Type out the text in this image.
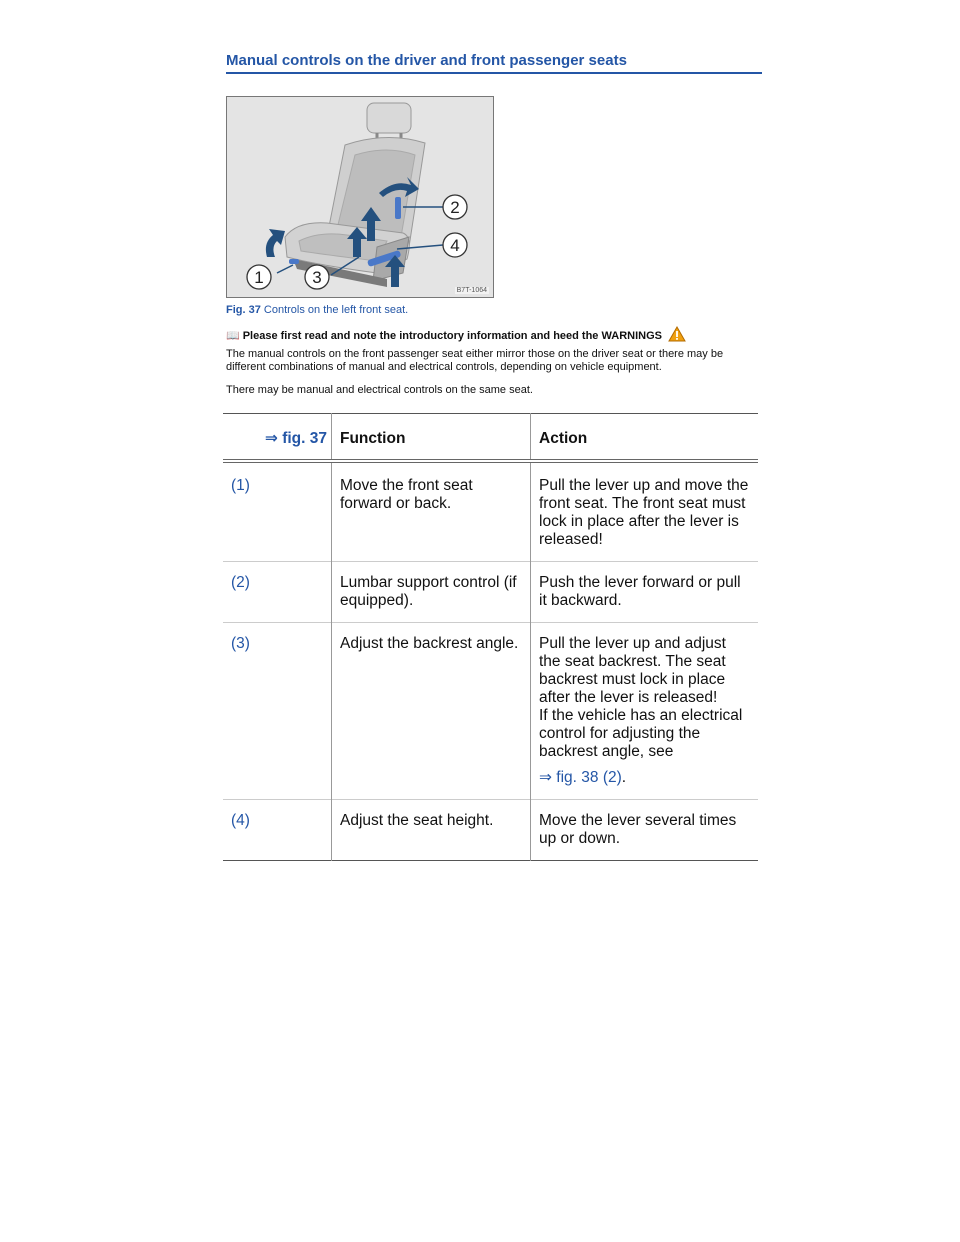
Manual controls on the driver and front passenger seats
1
2
3
4
B7T-1064
Fig. 37 Controls on the left front seat.
📖 Please first read and note the introductory information and heed the WARNINGS
The manual controls on the front passenger seat either mirror those on the driver seat or there may be different combinations of manual and electrical controls, depending on vehicle equipment.
There may be manual and electrical controls on the same seat.
⇒ fig. 37	Function	Action
(1)	Move the front seat forward or back.	Pull the lever up and move the front seat. The front seat must lock in place after the lever is released!
(2)	Lumbar support control (if equipped).	Push the lever forward or pull it backward.
(3)	Adjust the backrest angle.	Pull the lever up and adjust the seat backrest. The seat backrest must lock in place after the lever is released!
If the vehicle has an electrical control for adjusting the backrest angle, see
⇒ fig. 38 (2).

(4)	Adjust the seat height.	Move the lever several times up or down.
carmanualsonline.info
